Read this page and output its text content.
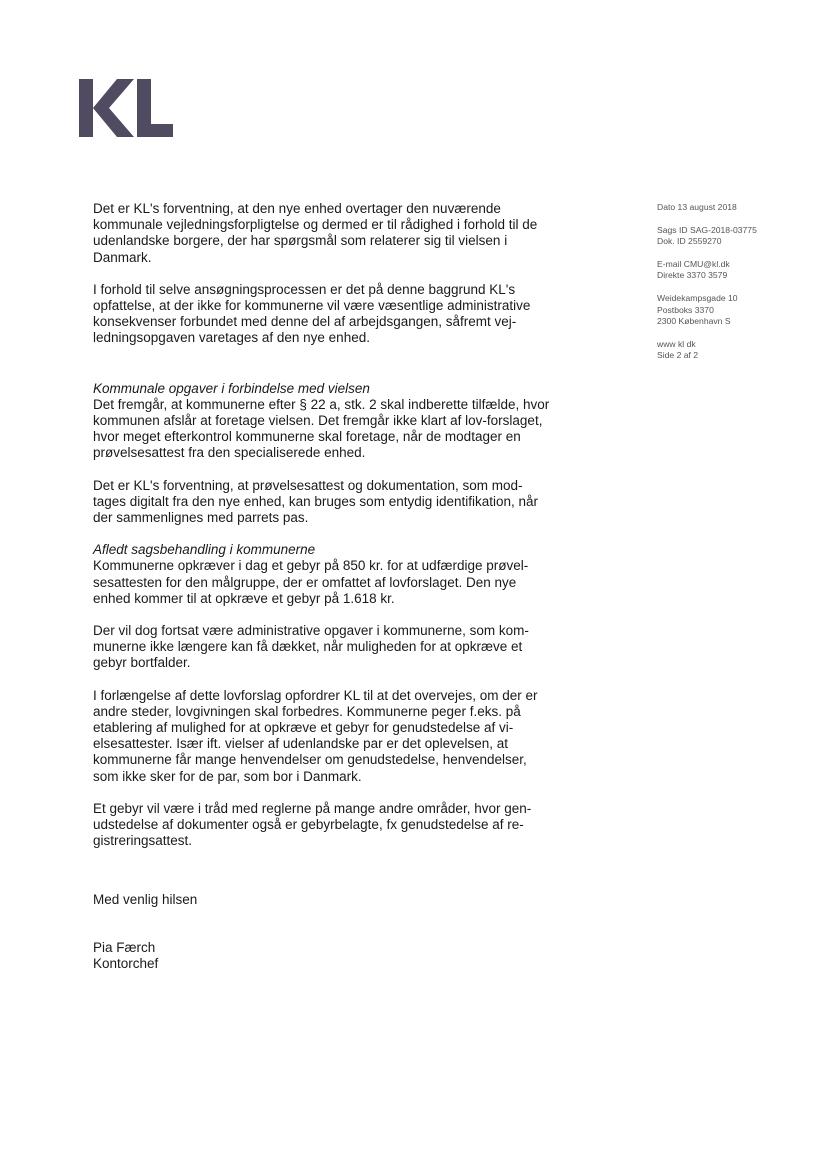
Dato 13 august 2018
Sags ID SAG-2018-03775
Dok. ID 2559270
E-mail CMU@kl.dk
Direkte 3370 3579
Weidekampsgade 10
Postboks 3370
2300 København S
www kl dk
Side 2 af 2

Det er KL's forventning, at den nye enhed overtager den nuværende kommunale vejledningsforpligtelse og dermed er til rådighed i forhold til de udenlandske borgere, der har spørgsmål som relaterer sig til vielsen i Danmark.

I forhold til selve ansøgningsprocessen er det på denne baggrund KL's opfattelse, at der ikke for kommunerne vil være væsentlige administrative konsekvenser forbundet med denne del af arbejdsgangen, såfremt vej-ledningsopgaven varetages af den nye enhed.

Kommunale opgaver i forbindelse med vielsen

Det fremgår, at kommunerne efter § 22 a, stk. 2 skal indberette tilfælde, hvor kommunen afslår at foretage vielsen. Det fremgår ikke klart af lov-forslaget, hvor meget efterkontrol kommunerne skal foretage, når de modtager en prøvelsesattest fra den specialiserede enhed.

Det er KL's forventning, at prøvelsesattest og dokumentation, som mod-tages digitalt fra den nye enhed, kan bruges som entydig identifikation, når der sammenlignes med parrets pas.

Afledt sagsbehandling i kommunerne

Kommunerne opkræver i dag et gebyr på 850 kr. for at udfærdige prøvel-sesattesten for den målgruppe, der er omfattet af lovforslaget. Den nye enhed kommer til at opkræve et gebyr på 1.618 kr.

Der vil dog fortsat være administrative opgaver i kommunerne, som kom-munerne ikke længere kan få dækket, når muligheden for at opkræve et gebyr bortfalder.

I forlængelse af dette lovforslag opfordrer KL til at det overvejes, om der er andre steder, lovgivningen skal forbedres. Kommunerne peger f.eks. på etablering af mulighed for at opkræve et gebyr for genudstedelse af vi-elsesattester. Især ift. vielser af udenlandske par er det oplevelsen, at kommunerne får mange henvendelser om genudstedelse, henvendelser, som ikke sker for de par, som bor i Danmark.

Et gebyr vil være i tråd med reglerne på mange andre områder, hvor gen-udstedelse af dokumenter også er gebyrbelagte, fx genudstedelse af re-gistreringsattest.

Med venlig hilsen
Pia Færch
Kontorchef
